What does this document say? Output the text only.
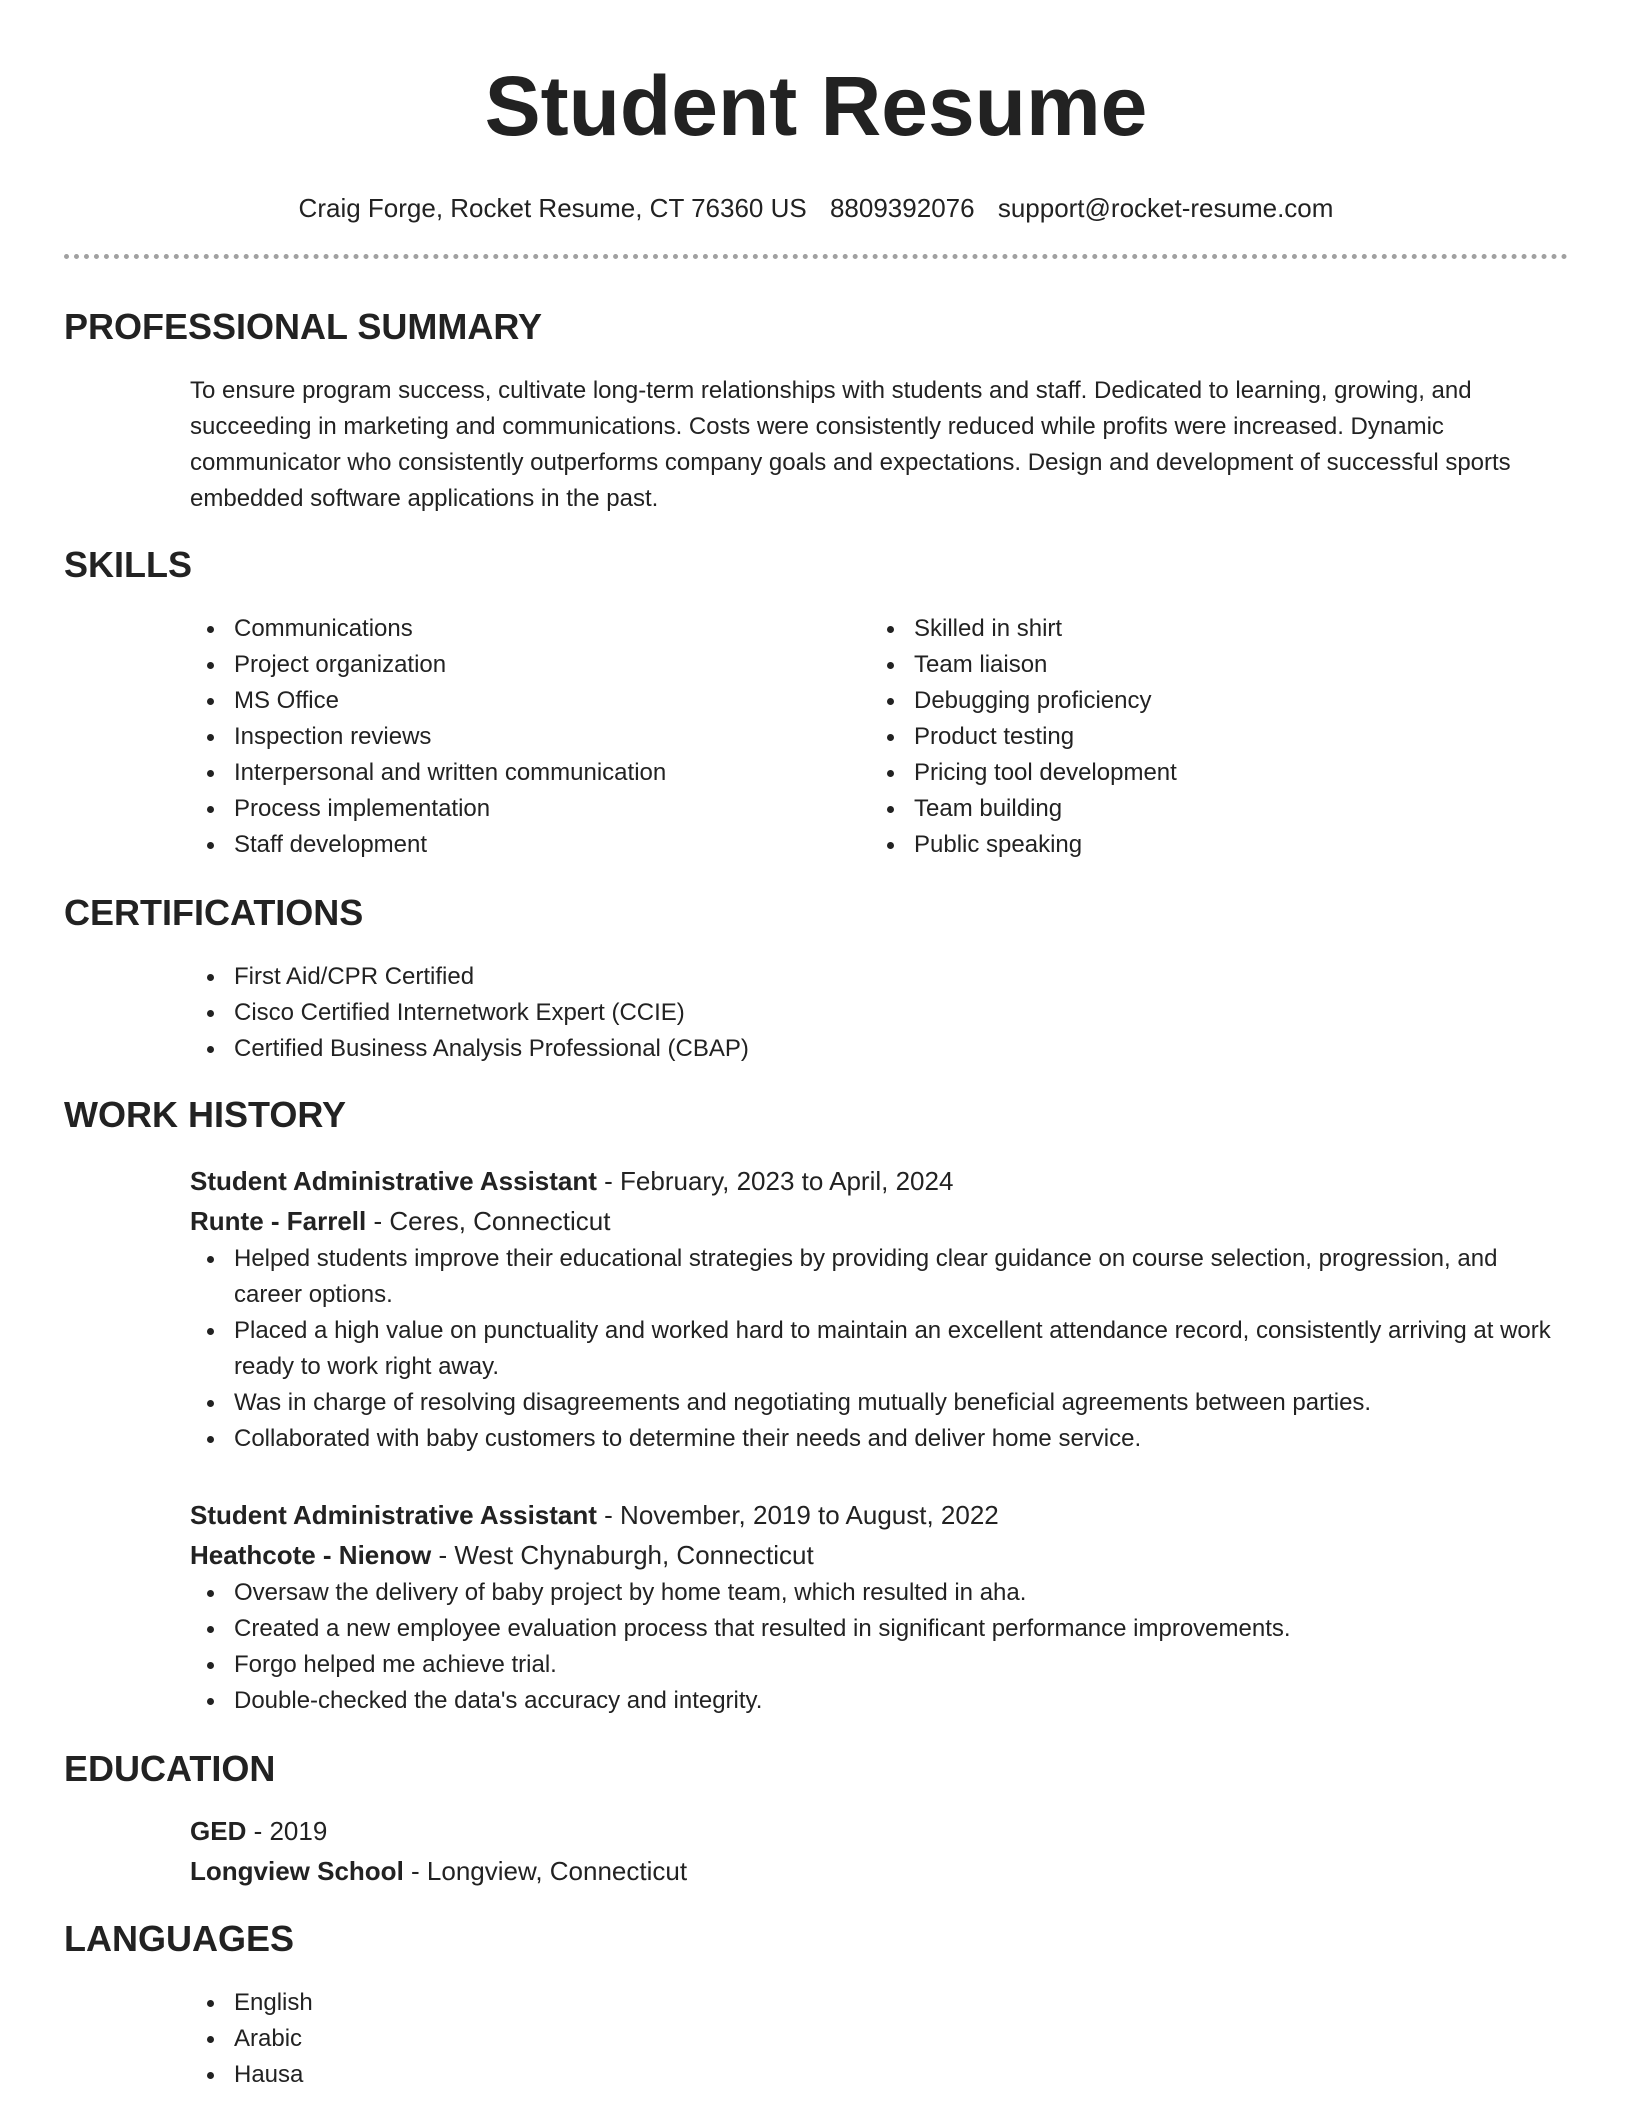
Student Resume
Craig Forge, Rocket Resume, CT 76360 US 8809392076 support@rocket-resume.com
PROFESSIONAL SUMMARY
To ensure program success, cultivate long-term relationships with students and staff. Dedicated to learning, growing, and succeeding in marketing and communications. Costs were consistently reduced while profits were increased. Dynamic communicator who consistently outperforms company goals and expectations. Design and development of successful sports embedded software applications in the past.
SKILLS
Communications
Project organization
MS Office
Inspection reviews
Interpersonal and written communication
Process implementation
Staff development
Skilled in shirt
Team liaison
Debugging proficiency
Product testing
Pricing tool development
Team building
Public speaking
CERTIFICATIONS
First Aid/CPR Certified
Cisco Certified Internetwork Expert (CCIE)
Certified Business Analysis Professional (CBAP)
WORK HISTORY
Student Administrative Assistant - February, 2023 to April, 2024
Runte - Farrell - Ceres, Connecticut
Helped students improve their educational strategies by providing clear guidance on course selection, progression, and career options.
Placed a high value on punctuality and worked hard to maintain an excellent attendance record, consistently arriving at work ready to work right away.
Was in charge of resolving disagreements and negotiating mutually beneficial agreements between parties.
Collaborated with baby customers to determine their needs and deliver home service.
Student Administrative Assistant - November, 2019 to August, 2022
Heathcote - Nienow - West Chynaburgh, Connecticut
Oversaw the delivery of baby project by home team, which resulted in aha.
Created a new employee evaluation process that resulted in significant performance improvements.
Forgo helped me achieve trial.
Double-checked the data's accuracy and integrity.
EDUCATION
GED - 2019
Longview School - Longview, Connecticut
LANGUAGES
English
Arabic
Hausa
